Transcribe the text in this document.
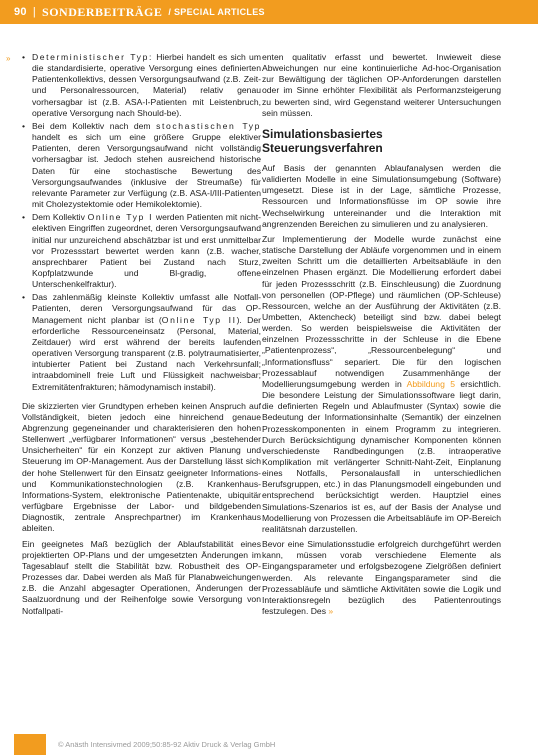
90 | SONDERBEITRÄGE / SPECIAL ARTICLES
»
•	Deterministischer Typ: Hierbei handelt es sich um die standardisierte, operative Versorgung eines definierten Patientenkollektivs, dessen Versorgungsaufwand (z.B. Zeit- und Personalressourcen, Material) relativ genau vorhersagbar ist (z.B. ASA-I-Patienten mit Leistenbruch, operative Versorgung nach Should-be).
• Bei dem Kollektiv nach dem stochastischen Typ handelt es sich um eine größere Gruppe elektiver Patienten, deren Versorgungsaufwand nicht vollständig vorhersagbar ist. Jedoch stehen ausreichend historische Daten für eine stochastische Bewertung des Versorgungsaufwandes (inklusive der Streumaße) für relevante Parameter zur Verfügung (z.B. ASA-I/III-Patienten mit Cholezystektomie oder Hemikolektomie).
• Dem Kollektiv Online Typ I werden Patienten mit nicht-elektiven Eingriffen zugeordnet, deren Versorgungsaufwand initial nur unzureichend abschätzbar ist und erst unmittelbar vor Prozessstart bewertet werden kann (z.B. wacher, ansprechbarer Patient bei Zustand nach Sturz, Kopfplatzwunde und Bl-gradig, offene Unterschenkelfraktur).
• Das zahlenmäßig kleinste Kollektiv umfasst alle Notfall-Patienten, deren Versorgungsaufwand für das OP-Management nicht planbar ist (Online Typ II). Der erforderliche Ressourceneinsatz (Personal, Material, Zeitdauer) wird erst während der bereits laufenden operativen Versorgung transparent (z.B. polytraumatisierter, intubierter Patient bei Zustand nach Verkehrsunfall; intraabdominell freie Luft und Flüssigkeit nachweisbar; Extremitätenfrakturen; hämodynamisch instabil).

Die skizzierten vier Grundtypen erheben keinen Anspruch auf Vollständigkeit, bieten jedoch eine hinreichend genaue Abgrenzung gegeneinander und charakterisieren den hohen Stellenwert „verfügbarer Informationen“ versus „bestehender Unsicherheiten“ für ein Konzept zur aktiven Planung und Steuerung im OP-Management. Aus der Darstellung lässt sich der hohe Stellenwert für den Einsatz geeigneter Informations- und Kommunikationstechnologien (z.B. Krankenhaus-Informations-System, elektronische Patientenakte, ubiquitär verfügbare Ergebnisse der Labor- und bildgebenden Diagnostik, zentrale Ansprechpartner) im Krankenhaus ableiten.

Ein geeignetes Maß bezüglich der Ablaufstabilität eines projektierten OP-Plans und der umgesetzten Änderungen im Tagesablauf stellt die Stabilität bzw. Robustheit des OP-Prozesses dar. Dabei werden als Maß für Planabweichungen z.B. die Anzahl abgesagter Operationen, Änderungen der Saalzuordnung und der Reihenfolge sowie Versorgung von Notfallpati-

enten qualitativ erfasst und bewertet. Inwieweit diese Abweichungen nur eine kontinuierliche Ad-hoc-Organisation zur Bewältigung der täglichen OP-Anforderungen darstellen oder im Sinne erhöhter Flexibilität als Performanzsteigerung zu bewerten sind, wird Gegenstand weiterer Untersuchungen sein müssen.

Simulationsbasiertes Steuerungsverfahren

Auf Basis der genannten Ablaufanalysen werden die validierten Modelle in eine Simulationsumgebung (Software) umgesetzt. Diese ist in der Lage, sämtliche Prozesse, Ressourcen und Informationsflüsse im OP sowie ihre Wechselwirkung untereinander und die Interaktion mit angrenzenden Bereichen zu simulieren und zu analysieren.

Zur Implementierung der Modelle wurde zunächst eine statische Darstellung der Abläufe vorgenommen und in einem zweiten Schritt um die detaillierten Arbeitsabläufe in den einzelnen Phasen ergänzt. Die Modellierung erfordert dabei für jeden Prozessschritt (z.B. Einschleusung) die Zuordnung von personellen (OP-Pflege) und räumlichen (OP-Schleuse) Ressourcen, welche an der Ausführung der Aktivitäten (z.B. Umbetten, Aktencheck) beteiligt sind bzw. dabei belegt werden. So werden beispielsweise die Aktivitäten der einzelnen Prozessschritte in der Schleuse in die Ebene „Patientenprozess“, „Ressourcenbelegung“ und „Informationsfluss“ separiert. Die für den logischen Prozessablauf notwendigen Zusammenhänge der Modellierungsumgebung werden in Abbildung 5 ersichtlich. Die besondere Leistung der Simulationssoftware liegt darin, die definierten Regeln und Ablaufmuster (Syntax) sowie die Bedeutung der Informationsinhalte (Semantik) der einzelnen Prozesskomponenten in einem Programm zu integrieren. Durch Berücksichtigung dynamischer Komponenten können verschiedenste Randbedingungen (z.B. intraoperative Komplikation mit verlängerter Schnitt-Naht-Zeit, Einplanung eines Notfalls, Personalausfall in unterschiedlichen Berufsgruppen, etc.) in das Planungsmodell eingebunden und entsprechend berücksichtigt werden. Hauptziel eines Simulations-Szenarios ist es, auf der Basis der Analyse und Modellierung von Prozessen die Arbeitsabläufe im OP-Bereich realitätsnah darzustellen.

Bevor eine Simulationsstudie erfolgreich durchgeführt werden kann, müssen vorab verschiedene Elemente als Eingangsparameter und erfolgsbezogene Zielgrößen definiert werden. Als relevante Eingangsparameter sind die Prozessabläufe und sämtliche Aktivitäten sowie die Logik und Interaktionsregeln bezüglich des Patientenroutings festzulegen. Des »

© Anästh Intensivmed 2009;50:85-92 Aktiv Druck & Verlag GmbH
